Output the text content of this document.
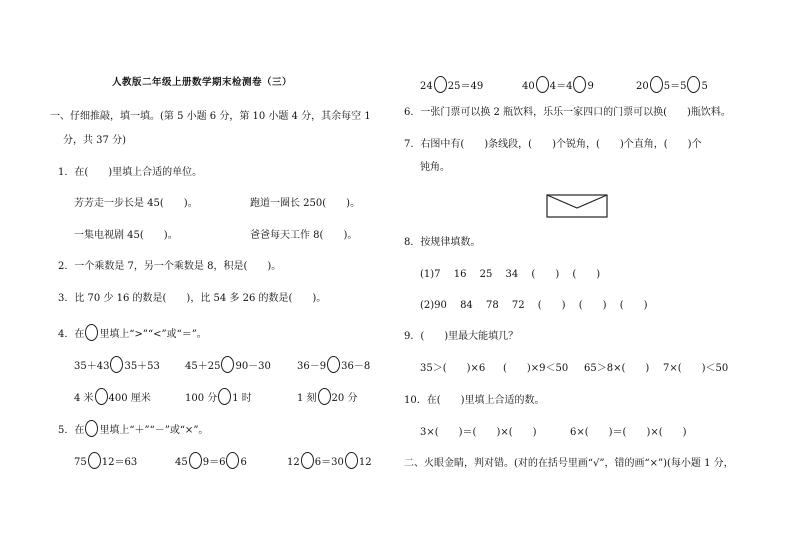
人教版二年级上册数学期末检测卷（三）
一、仔细推敲，填一填。(第 5 小题 6 分，第 10 小题 4 分，其余每空 1
分，共 37 分)
1．在(　　)里填上合适的单位。
芳芳走一步长是 45(　　)。	跑道一圈长 250(　　)。
一集电视剧 45(　　)。	爸爸每天工作 8(　　)。
2．一个乘数是 7，另一个乘数是 8，积是(　　)。
3．比 70 少 16 的数是(　　)，比 54 多 26 的数是(　　)。
4．在 里填上“>”“<”或“＝”。
35＋43 35＋53	45＋25 90－30	36－9 36－8
4 米 400 厘米	100 分 1 时	1 刻 20 分
5．在 里填上“＋”“－”或“×”。
75 12＝63	45 9＝6 6	12 6＝30 12
24 25＝49	40 4＝4 9	20 5＝5 5
6．一张门票可以换 2 瓶饮料，乐乐一家四口的门票可以换(　　)瓶饮料。
7．右图中有(　　)条线段，(　　)个锐角，(　　)个直角，(　　)个
钝角。
8．按规律填数。
(1)7　 16　 25　 34　 (　　)　 (　　)
(2)90　 84　 78　 72　 (　　)　 (　　)　 (　　)
9．(　　)里最大能填几？
35＞(　　)×6 (　　)×9＜50 65＞8×(　　) 7×(　　)＜50
10．在(　　)里填上合适的数。
3×(　　)＝(　　)×(　　)	6×(　　)＝(　　)×(　　)
二、火眼金睛，判对错。(对的在括号里画“√”，错的画“×”)(每小题 1 分，
